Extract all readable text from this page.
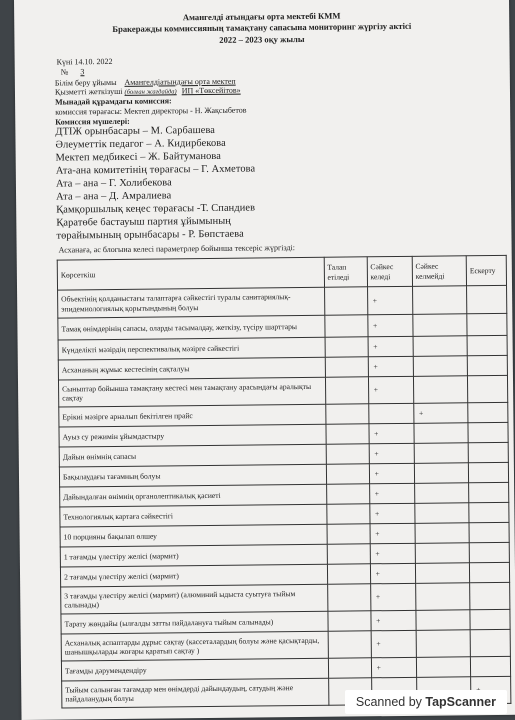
Амангелді атындағы орта мектебі КММ
Бракеражды коммиссияның тамақтану сапасына мониторинг жүргізу актісі
2022 – 2023 оқу жылы
Күні 14.10. 2022
№ 3
Білім беру ұйымы Амангелдіатындағы орта мектеп
Қызметті жеткізуші (болған жағдайда) ИП «Төксейітов»
Мынадай құрамдағы комиссия:
комиссия төрағасы: Мектеп директоры - Н. Жақсыбетов
Комиссия мүшелері:
ДТІЖ орынбасары – М. Сарбашева
Әлеуметтік педагог – А. Кидирбекова
Мектеп медбикесі – Ж. Байтуманова
Ата-ана комитетінің төрағасы – Г. Ахметова
Ата – ана – Г. Холибекова
Ата – ана – Д. Амралиева
Қамқоршылық кеңес төрағасы -Т. Спандиев
Қаратөбе бастауыш партия ұйымының
төрайымының орынбасары - Р. Бөпстаева
Асханаға, ас блогына келесі параметрлер бойынша тексеріс жүргізді:
Көрсеткіш	Талап етіледі	Сәйкес келеді	Сәйкес келмейді	Ескерту
Объектінің қолданыстағы талаптарға сәйкестігі туралы санитариялық-эпидемиологиялық қорытындының болуы		+		
Тамақ өнімдерінің сапасы, оларды тасымалдау, жеткізу, түсіру шарттары		+		
Күнделікті мәзірдің перспективалық мәзірге сәйкестігі		+		
Асхананың жұмыс кестесінің сақталуы		+		
Сыныптар бойынша тамақтану кестесі мен тамақтану арасындағы аралықты сақтау		+		
Ерікиі мәзірге арналып бекітілген прайс			+	
Ауыз су режимін ұйымдастыру		+		
Дайын өнімнің сапасы		+		
Бақылаудағы тағамның болуы		+		
Дайындалған өнімнің органолептикалық қасиеті		+		
Технологиялық картаға сәйкестігі		+		
10 порцияны бақылап өлшеу		+		
1 тағамды үлестіру желісі (мармит)		+		
2 тағамды үлестіру желісі (мармит)		+		
3 тағамды үлестіру желісі (мармит) (алюминий ыдыста суытуға тыйым салынады)		+		
Тарату жөндайы (ылғалды затты пайдалануға тыйым салынады)		+		
Асханалық аспаптарды дұрыс сақтау (кассеталардың болуы және қасықтарды, шанышқыларды жоғары қаратып сақтау )		+		
Тағамды дәрумендендіру		+		
Тыйым салынған тағамдар мен өнімдерді дайындаудың, сатудың және пайдаланудың болуы					Scanned by TapScanner
